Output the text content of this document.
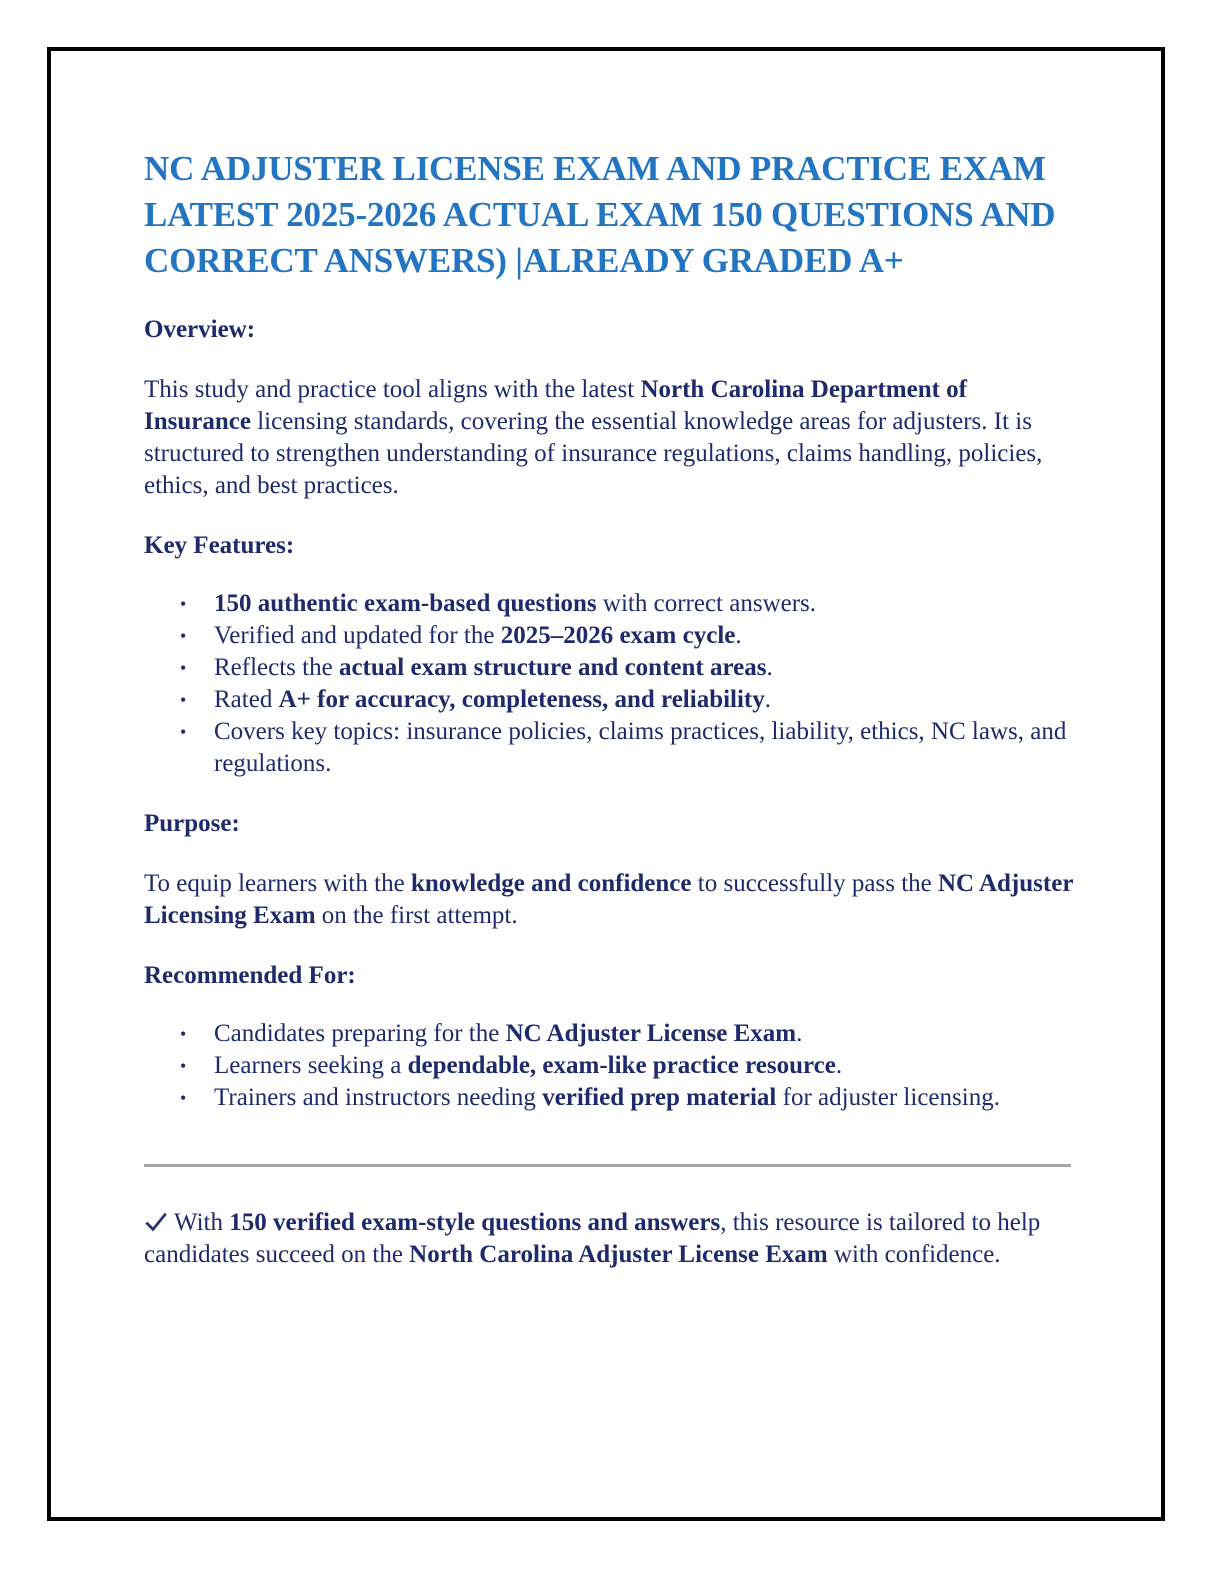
NC ADJUSTER LICENSE EXAM AND PRACTICE EXAM LATEST 2025-2026 ACTUAL EXAM 150 QUESTIONS AND CORRECT ANSWERS) |ALREADY GRADED A+
Overview:

This study and practice tool aligns with the latest North Carolina Department of Insurance licensing standards, covering the essential knowledge areas for adjusters. It is structured to strengthen understanding of insurance regulations, claims handling, policies, ethics, and best practices.

Key Features:
• 150 authentic exam-based questions with correct answers.
• Verified and updated for the 2025–2026 exam cycle.
• Reflects the actual exam structure and content areas.
• Rated A+ for accuracy, completeness, and reliability.
• Covers key topics: insurance policies, claims practices, liability, ethics, NC laws, and regulations.
Purpose:

To equip learners with the knowledge and confidence to successfully pass the NC Adjuster Licensing Exam on the first attempt.

Recommended For:
• Candidates preparing for the NC Adjuster License Exam.
• Learners seeking a dependable, exam-like practice resource.
• Trainers and instructors needing verified prep material for adjuster licensing.

With 150 verified exam-style questions and answers, this resource is tailored to help candidates succeed on the North Carolina Adjuster License Exam with confidence.
